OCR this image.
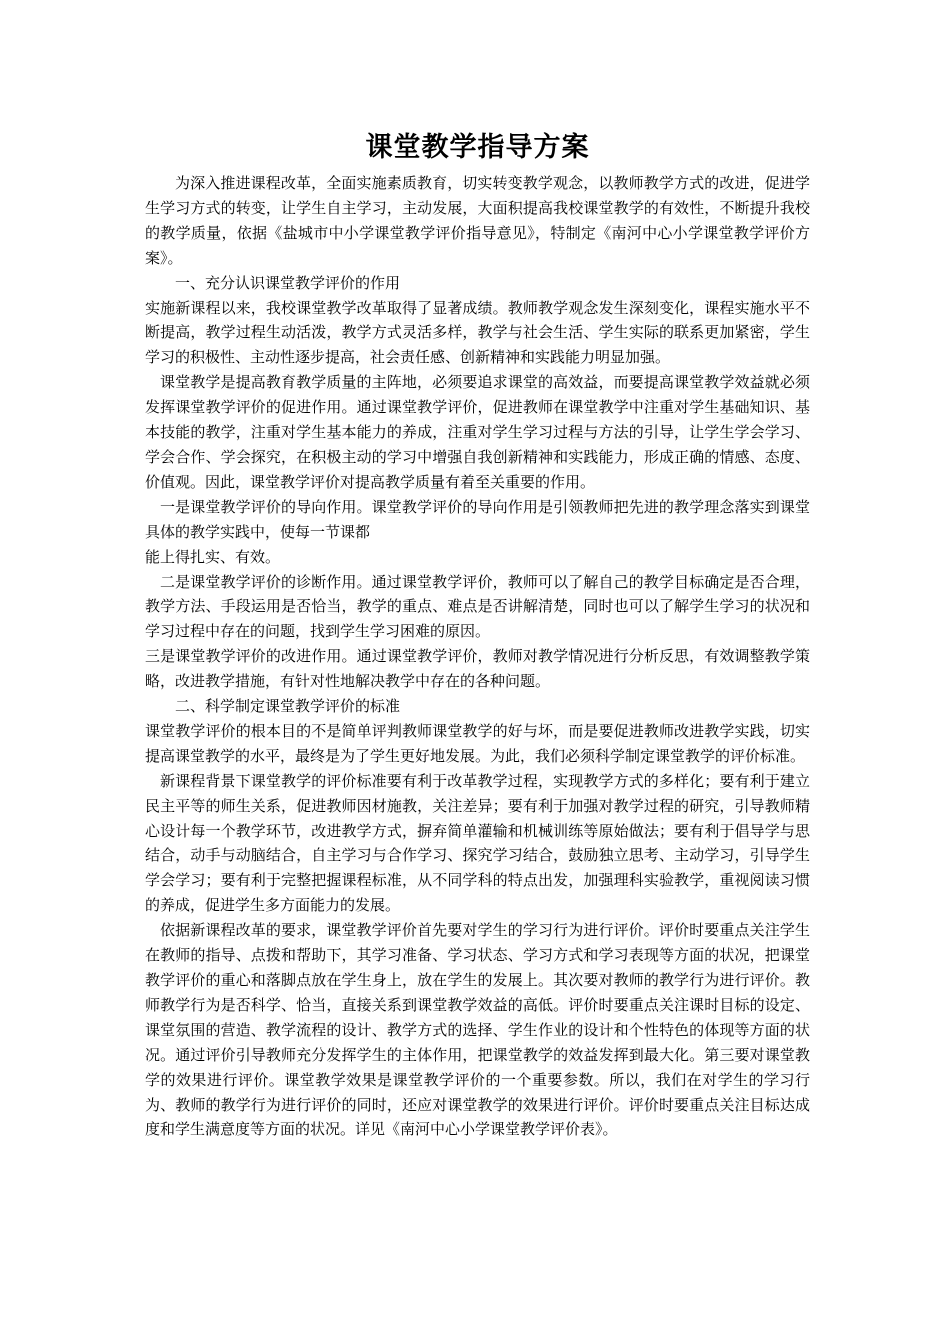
课堂教学指导方案

为深入推进课程改革，全面实施素质教育，切实转变教学观念，以教师教学方式的改进，促进学生学习方式的转变，让学生自主学习，主动发展，大面积提高我校课堂教学的有效性，不断提升我校的教学质量，依据《盐城市中小学课堂教学评价指导意见》，特制定《南河中心小学课堂教学评价方案》。

一、充分认识课堂教学评价的作用

实施新课程以来，我校课堂教学改革取得了显著成绩。教师教学观念发生深刻变化，课程实施水平不断提高，教学过程生动活泼，教学方式灵活多样，教学与社会生活、学生实际的联系更加紧密，学生学习的积极性、主动性逐步提高，社会责任感、创新精神和实践能力明显加强。

课堂教学是提高教育教学质量的主阵地，必须要追求课堂的高效益，而要提高课堂教学效益就必须发挥课堂教学评价的促进作用。通过课堂教学评价，促进教师在课堂教学中注重对学生基础知识、基本技能的教学，注重对学生基本能力的养成，注重对学生学习过程与方法的引导，让学生学会学习、学会合作、学会探究，在积极主动的学习中增强自我创新精神和实践能力，形成正确的情感、态度、价值观。因此，课堂教学评价对提高教学质量有着至关重要的作用。

一是课堂教学评价的导向作用。课堂教学评价的导向作用是引领教师把先进的教学理念落实到课堂具体的教学实践中，使每一节课都

能上得扎实、有效。

二是课堂教学评价的诊断作用。通过课堂教学评价，教师可以了解自己的教学目标确定是否合理，教学方法、手段运用是否恰当，教学的重点、难点是否讲解清楚，同时也可以了解学生学习的状况和学习过程中存在的问题，找到学生学习困难的原因。

三是课堂教学评价的改进作用。通过课堂教学评价，教师对教学情况进行分析反思，有效调整教学策略，改进教学措施，有针对性地解决教学中存在的各种问题。

二、科学制定课堂教学评价的标准

课堂教学评价的根本目的不是简单评判教师课堂教学的好与坏，而是要促进教师改进教学实践，切实提高课堂教学的水平，最终是为了学生更好地发展。为此，我们必须科学制定课堂教学的评价标准。

新课程背景下课堂教学的评价标准要有利于改革教学过程，实现教学方式的多样化；要有利于建立民主平等的师生关系，促进教师因材施教，关注差异；要有利于加强对教学过程的研究，引导教师精心设计每一个教学环节，改进教学方式，摒弃简单灌输和机械训练等原始做法；要有利于倡导学与思结合，动手与动脑结合，自主学习与合作学习、探究学习结合，鼓励独立思考、主动学习，引导学生学会学习；要有利于完整把握课程标准，从不同学科的特点出发，加强理科实验教学，重视阅读习惯的养成，促进学生多方面能力的发展。

依据新课程改革的要求，课堂教学评价首先要对学生的学习行为进行评价。评价时要重点关注学生在教师的指导、点拨和帮助下，其学习准备、学习状态、学习方式和学习表现等方面的状况，把课堂教学评价的重心和落脚点放在学生身上，放在学生的发展上。其次要对教师的教学行为进行评价。教师教学行为是否科学、恰当，直接关系到课堂教学效益的高低。评价时要重点关注课时目标的设定、课堂氛围的营造、教学流程的设计、教学方式的选择、学生作业的设计和个性特色的体现等方面的状况。通过评价引导教师充分发挥学生的主体作用，把课堂教学的效益发挥到最大化。第三要对课堂教学的效果进行评价。课堂教学效果是课堂教学评价的一个重要参数。所以，我们在对学生的学习行为、教师的教学行为进行评价的同时，还应对课堂教学的效果进行评价。评价时要重点关注目标达成度和学生满意度等方面的状况。详见《南河中心小学课堂教学评价表》。
